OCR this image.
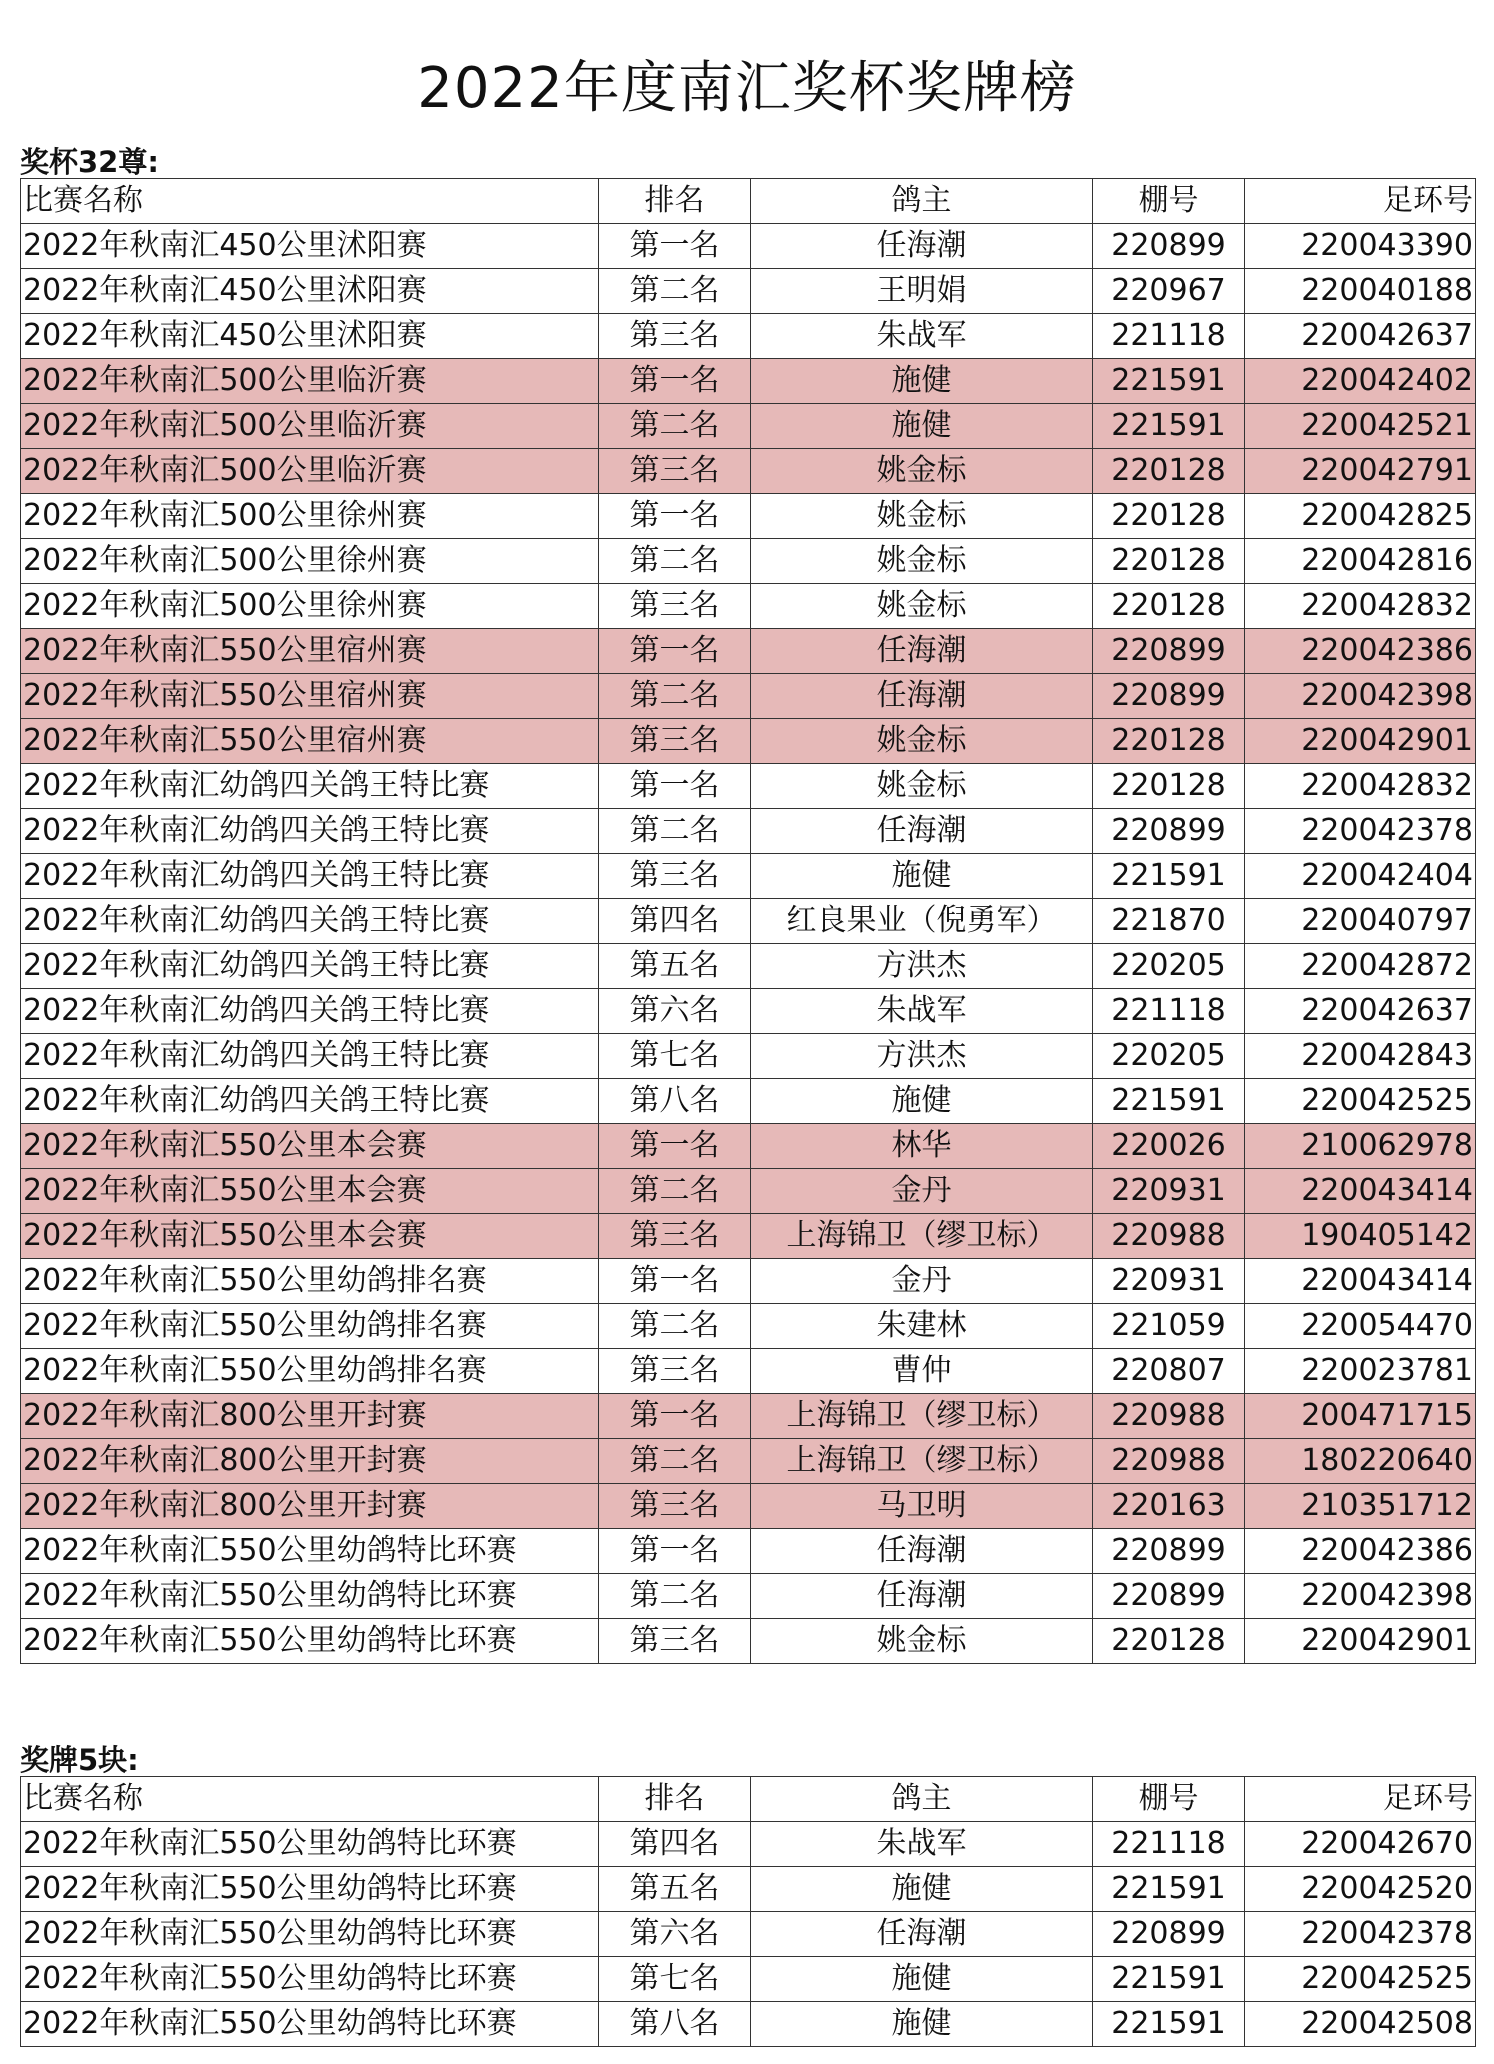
2022年度南汇奖杯奖牌榜
奖杯32尊:
比赛名称	排名	鸽主	棚号	足环号
2022年秋南汇450公里沭阳赛	第一名	任海潮	220899	220043390
2022年秋南汇450公里沭阳赛	第二名	王明娟	220967	220040188
2022年秋南汇450公里沭阳赛	第三名	朱战军	221118	220042637
2022年秋南汇500公里临沂赛	第一名	施健	221591	220042402
2022年秋南汇500公里临沂赛	第二名	施健	221591	220042521
2022年秋南汇500公里临沂赛	第三名	姚金标	220128	220042791
2022年秋南汇500公里徐州赛	第一名	姚金标	220128	220042825
2022年秋南汇500公里徐州赛	第二名	姚金标	220128	220042816
2022年秋南汇500公里徐州赛	第三名	姚金标	220128	220042832
2022年秋南汇550公里宿州赛	第一名	任海潮	220899	220042386
2022年秋南汇550公里宿州赛	第二名	任海潮	220899	220042398
2022年秋南汇550公里宿州赛	第三名	姚金标	220128	220042901
2022年秋南汇幼鸽四关鸽王特比赛	第一名	姚金标	220128	220042832
2022年秋南汇幼鸽四关鸽王特比赛	第二名	任海潮	220899	220042378
2022年秋南汇幼鸽四关鸽王特比赛	第三名	施健	221591	220042404
2022年秋南汇幼鸽四关鸽王特比赛	第四名	红良果业（倪勇军）	221870	220040797
2022年秋南汇幼鸽四关鸽王特比赛	第五名	方洪杰	220205	220042872
2022年秋南汇幼鸽四关鸽王特比赛	第六名	朱战军	221118	220042637
2022年秋南汇幼鸽四关鸽王特比赛	第七名	方洪杰	220205	220042843
2022年秋南汇幼鸽四关鸽王特比赛	第八名	施健	221591	220042525
2022年秋南汇550公里本会赛	第一名	林华	220026	210062978
2022年秋南汇550公里本会赛	第二名	金丹	220931	220043414
2022年秋南汇550公里本会赛	第三名	上海锦卫（缪卫标）	220988	190405142
2022年秋南汇550公里幼鸽排名赛	第一名	金丹	220931	220043414
2022年秋南汇550公里幼鸽排名赛	第二名	朱建林	221059	220054470
2022年秋南汇550公里幼鸽排名赛	第三名	曹仲	220807	220023781
2022年秋南汇800公里开封赛	第一名	上海锦卫（缪卫标）	220988	200471715
2022年秋南汇800公里开封赛	第二名	上海锦卫（缪卫标）	220988	180220640
2022年秋南汇800公里开封赛	第三名	马卫明	220163	210351712
2022年秋南汇550公里幼鸽特比环赛	第一名	任海潮	220899	220042386
2022年秋南汇550公里幼鸽特比环赛	第二名	任海潮	220899	220042398
2022年秋南汇550公里幼鸽特比环赛	第三名	姚金标	220128	220042901
奖牌5块:
比赛名称	排名	鸽主	棚号	足环号
2022年秋南汇550公里幼鸽特比环赛	第四名	朱战军	221118	220042670
2022年秋南汇550公里幼鸽特比环赛	第五名	施健	221591	220042520
2022年秋南汇550公里幼鸽特比环赛	第六名	任海潮	220899	220042378
2022年秋南汇550公里幼鸽特比环赛	第七名	施健	221591	220042525
2022年秋南汇550公里幼鸽特比环赛	第八名	施健	221591	220042508
